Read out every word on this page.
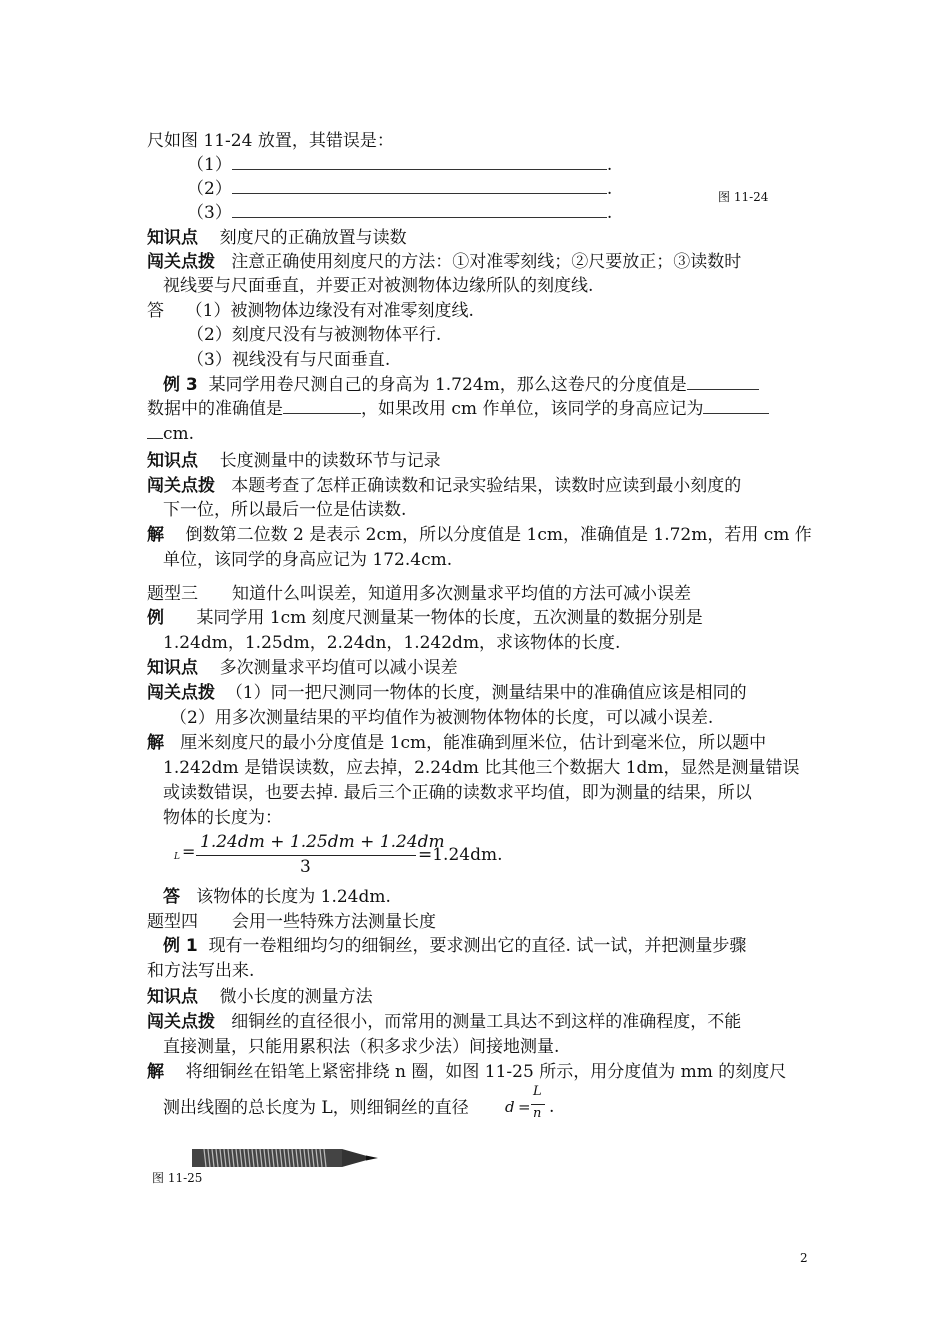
尺如图 11-24 放置，其错误是：
（1）	.
（2）	.
（3）	.
图 11-24
知识点 刻度尺的正确放置与读数
闯关点拨 注意正确使用刻度尺的方法：①对准零刻线；②尺要放正；③读数时
视线要与尺面垂直，并要正对被测物体边缘所队的刻度线.
答 （1）被测物体边缘没有对准零刻度线.
（2）刻度尺没有与被测物体平行.
（3）视线没有与尺面垂直.
例 3 某同学用卷尺测自己的身高为 1.724m，那么这卷尺的分度值是
数据中的准确值是	，如果改用 cm 作单位，该同学的身高应记为
cm.
知识点 长度测量中的读数环节与记录
闯关点拨 本题考查了怎样正确读数和记录实验结果，读数时应读到最小刻度的
下一位，所以最后一位是估读数.
解 倒数第二位数 2 是表示 2cm，所以分度值是 1cm，准确值是 1.72m，若用 cm 作
单位，该同学的身高应记为 172.4cm.
题型三　　知道什么叫误差，知道用多次测量求平均值的方法可减小误差
例 某同学用 1cm 刻度尺测量某一物体的长度，五次测量的数据分别是
1.24dm，1.25dm，2.24dn，1.242dm，求该物体的长度.
知识点 多次测量求平均值可以减小误差
闯关点拨 （1）同一把尺测同一物体的长度，测量结果中的准确值应该是相同的
（2）用多次测量结果的平均值作为被测物体物体的长度，可以减小误差.
解 厘米刻度尺的最小分度值是 1cm，能准确到厘米位，估计到毫米位，所以题中
1.242dm 是错误读数，应去掉，2.24dm 比其他三个数据大 1dm，显然是测量错误
或读数错误，也要去掉. 最后三个正确的读数求平均值，即为测量的结果，所以
物体的长度为：
L = 1.24dm + 1.25dm + 1.24dm
3
=1.24dm.
答 该物体的长度为 1.24dm.
题型四　　会用一些特殊方法测量长度
例 1 现有一卷粗细均匀的细铜丝，要求测出它的直径. 试一试，并把测量步骤
和方法写出来.
知识点 微小长度的测量方法
闯关点拨 细铜丝的直径很小，而常用的测量工具达不到这样的准确程度，不能
直接测量，只能用累积法（积多求少法）间接地测量.
解 将细铜丝在铅笔上紧密排绕 n 圈，如图 11-25 所示，用分度值为 mm 的刻度尺
测出线圈的总长度为 L，则细铜丝的直径 d =
L
n .
图 11-25
2
